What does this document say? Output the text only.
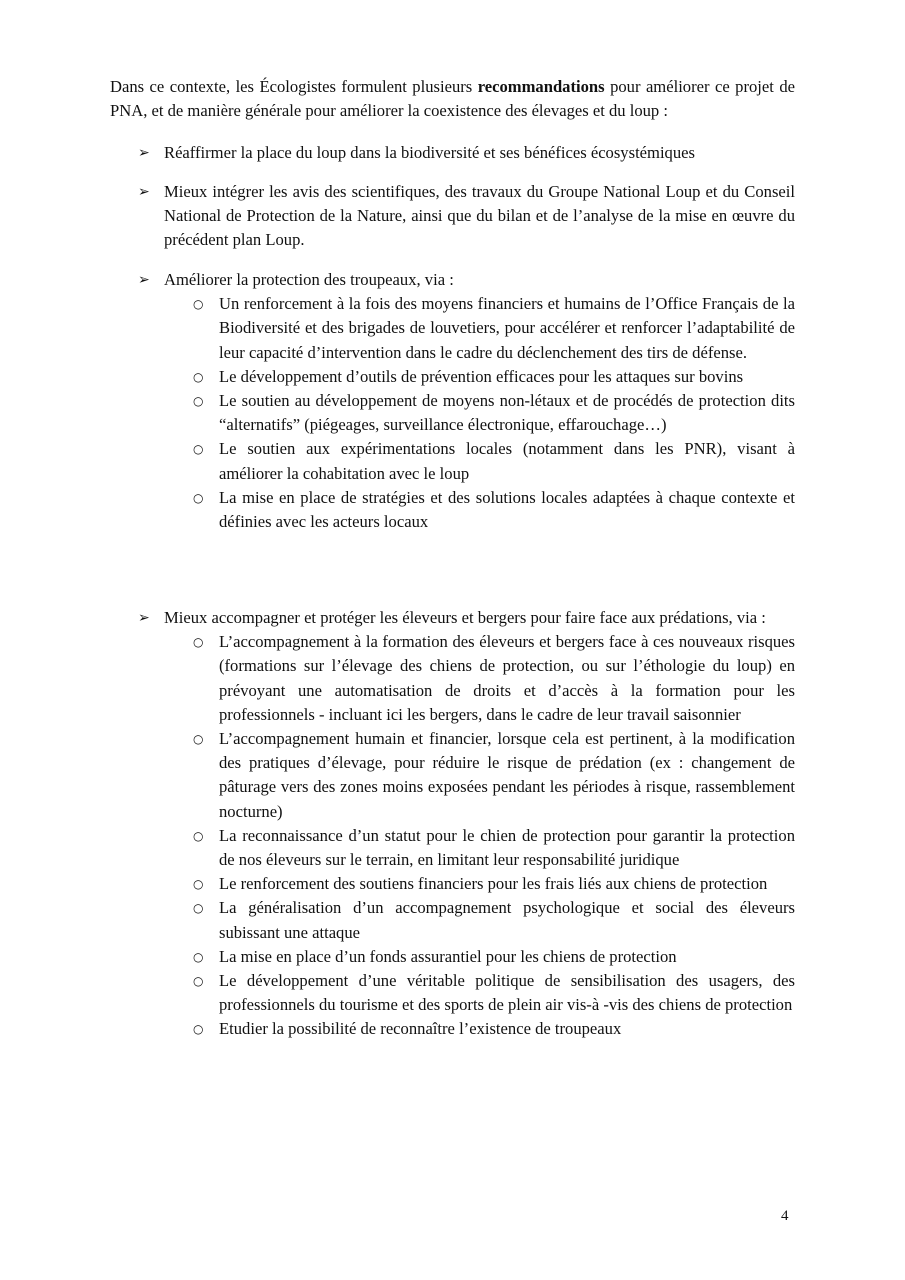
Dans ce contexte, les Écologistes formulent plusieurs recommandations pour améliorer ce projet de PNA, et de manière générale pour améliorer la coexistence des élevages et du loup :

➢ Réaffirmer la place du loup dans la biodiversité et ses bénéfices écosystémiques
➢ Mieux intégrer les avis des scientifiques, des travaux du Groupe National Loup et du Conseil National de Protection de la Nature, ainsi que du bilan et de l’analyse de la mise en œuvre du précédent plan Loup.
➢ Améliorer la protection des troupeaux, via :
○ Un renforcement à la fois des moyens financiers et humains de l’Office Français de la Biodiversité et des brigades de louvetiers, pour accélérer et renforcer l’adaptabilité de leur capacité d’intervention dans le cadre du déclenchement des tirs de défense.
○ Le développement d’outils de prévention efficaces pour les attaques sur bovins
○ Le soutien au développement de moyens non-létaux et de procédés de protection dits “alternatifs” (piégeages, surveillance électronique, effarouchage…)
○ Le soutien aux expérimentations locales (notamment dans les PNR), visant à améliorer la cohabitation avec le loup
○ La mise en place de stratégies et des solutions locales adaptées à chaque contexte et définies avec les acteurs locaux
➢ Mieux accompagner et protéger les éleveurs et bergers pour faire face aux prédations, via :
○ L’accompagnement à la formation des éleveurs et bergers face à ces nouveaux risques (formations sur l’élevage des chiens de protection, ou sur l’éthologie du loup) en prévoyant une automatisation de droits et d’accès à la formation pour les professionnels - incluant ici les bergers, dans le cadre de leur travail saisonnier
○ L’accompagnement humain et financier, lorsque cela est pertinent, à la modification des pratiques d’élevage, pour réduire le risque de prédation (ex : changement de pâturage vers des zones moins exposées pendant les périodes à risque, rassemblement nocturne)
○ La reconnaissance d’un statut pour le chien de protection pour garantir la protection de nos éleveurs sur le terrain, en limitant leur responsabilité juridique
○ Le renforcement des soutiens financiers pour les frais liés aux chiens de protection
○ La généralisation d’un accompagnement psychologique et social des éleveurs subissant une attaque
○ La mise en place d’un fonds assurantiel pour les chiens de protection
○ Le développement d’une véritable politique de sensibilisation des usagers, des professionnels du tourisme et des sports de plein air vis-à -vis des chiens de protection
○ Etudier la possibilité de reconnaître l’existence de troupeaux
4
